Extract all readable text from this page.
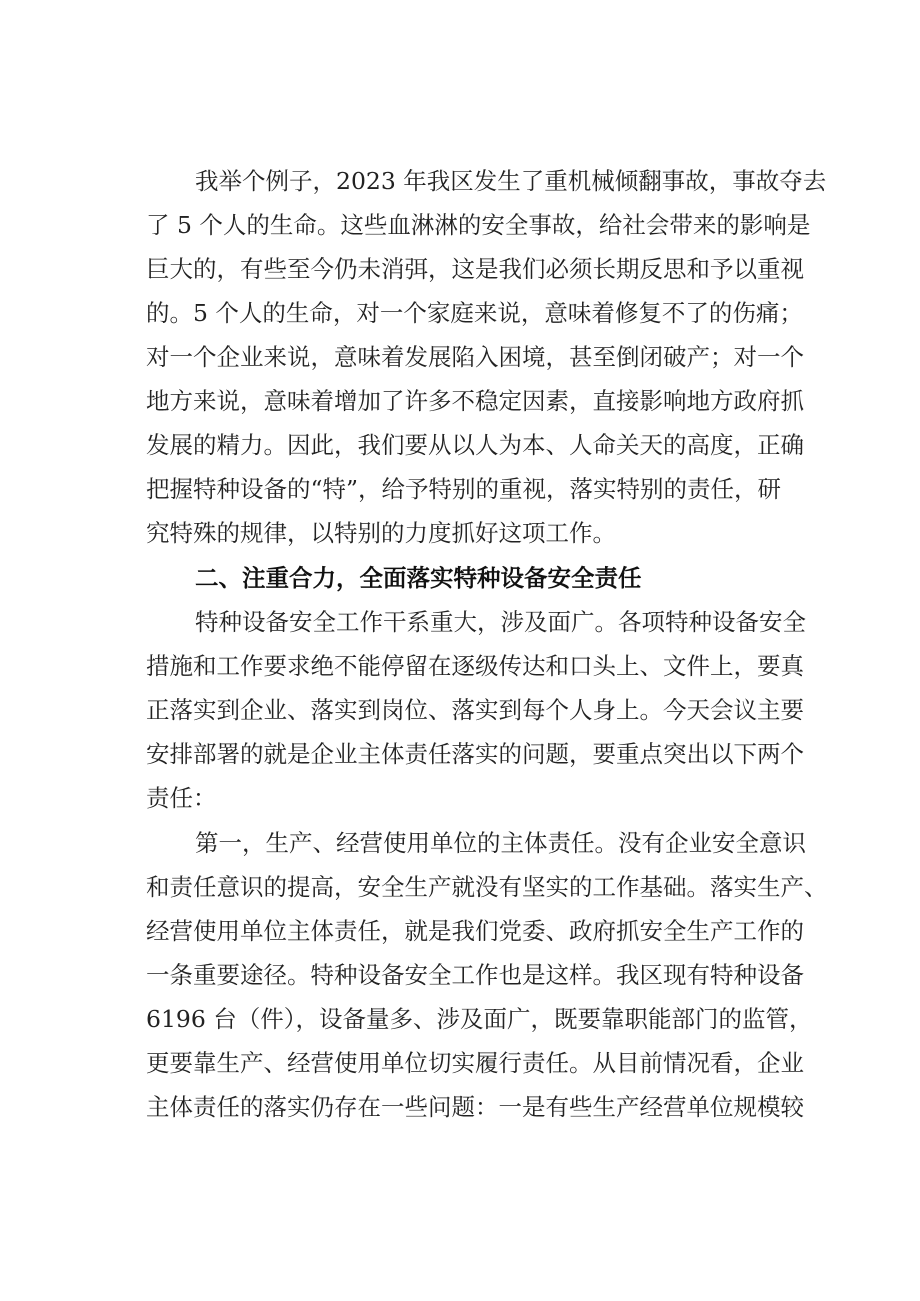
我举个例子，2023 年我区发生了重机械倾翻事故，事故夺去
了 5 个人的生命。这些血淋淋的安全事故，给社会带来的影响是
巨大的，有些至今仍未消弭，这是我们必须长期反思和予以重视
的。5 个人的生命，对一个家庭来说，意味着修复不了的伤痛；
对一个企业来说，意味着发展陷入困境，甚至倒闭破产；对一个
地方来说，意味着增加了许多不稳定因素，直接影响地方政府抓
发展的精力。因此，我们要从以人为本、人命关天的高度，正确
把握特种设备的“特”，给予特别的重视，落实特别的责任，研
究特殊的规律，以特别的力度抓好这项工作。
二、注重合力，全面落实特种设备安全责任
特种设备安全工作干系重大，涉及面广。各项特种设备安全
措施和工作要求绝不能停留在逐级传达和口头上、文件上，要真
正落实到企业、落实到岗位、落实到每个人身上。今天会议主要
安排部署的就是企业主体责任落实的问题，要重点突出以下两个
责任：
第一，生产、经营使用单位的主体责任。没有企业安全意识
和责任意识的提高，安全生产就没有坚实的工作基础。落实生产、
经营使用单位主体责任，就是我们党委、政府抓安全生产工作的
一条重要途径。特种设备安全工作也是这样。我区现有特种设备
6196 台（件），设备量多、涉及面广，既要靠职能部门的监管，
更要靠生产、经营使用单位切实履行责任。从目前情况看，企业
主体责任的落实仍存在一些问题：一是有些生产经营单位规模较
